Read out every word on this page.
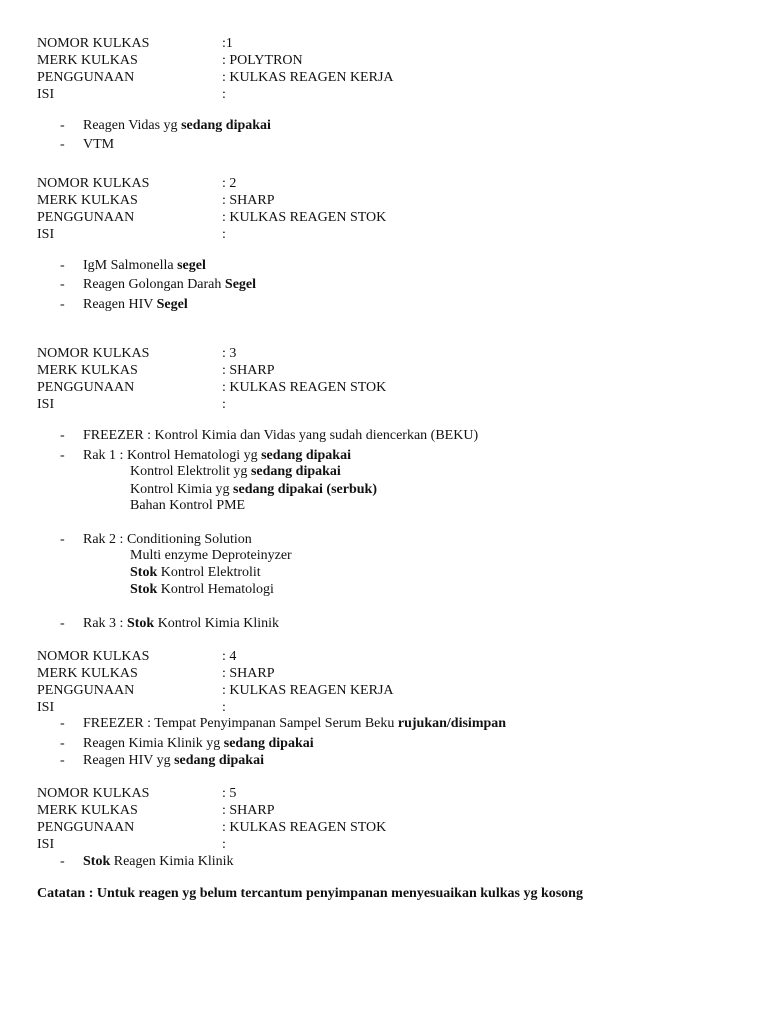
NOMOR KULKAS	:1
MERK KULKAS	: POLYTRON
PENGGUNAAN	: KULKAS REAGEN KERJA
ISI	:
- Reagen Vidas yg sedang dipakai
- VTM
NOMOR KULKAS	: 2
MERK KULKAS	: SHARP
PENGGUNAAN	: KULKAS REAGEN STOK
ISI	:
- IgM Salmonella segel
- Reagen Golongan Darah Segel
- Reagen HIV Segel
NOMOR KULKAS	: 3
MERK KULKAS	: SHARP
PENGGUNAAN	: KULKAS REAGEN STOK
ISI	:
- FREEZER : Kontrol Kimia dan Vidas yang sudah diencerkan (BEKU)
- Rak 1 : Kontrol Hematologi yg sedang dipakai
Kontrol Elektrolit yg sedang dipakai
Kontrol Kimia yg sedang dipakai (serbuk)
Bahan Kontrol PME
- Rak 2 : Conditioning Solution
Multi enzyme Deproteinyzer
Stok Kontrol Elektrolit
Stok Kontrol Hematologi
- Rak 3 : Stok Kontrol Kimia Klinik
NOMOR KULKAS	: 4
MERK KULKAS	: SHARP
PENGGUNAAN	: KULKAS REAGEN KERJA
ISI	:
- FREEZER : Tempat Penyimpanan Sampel Serum Beku rujukan/disimpan
- Reagen Kimia Klinik yg sedang dipakai
- Reagen HIV yg sedang dipakai
NOMOR KULKAS	: 5
MERK KULKAS	: SHARP
PENGGUNAAN	: KULKAS REAGEN STOK
ISI	:
- Stok Reagen Kimia Klinik
Catatan : Untuk reagen yg belum tercantum penyimpanan menyesuaikan kulkas yg kosong
